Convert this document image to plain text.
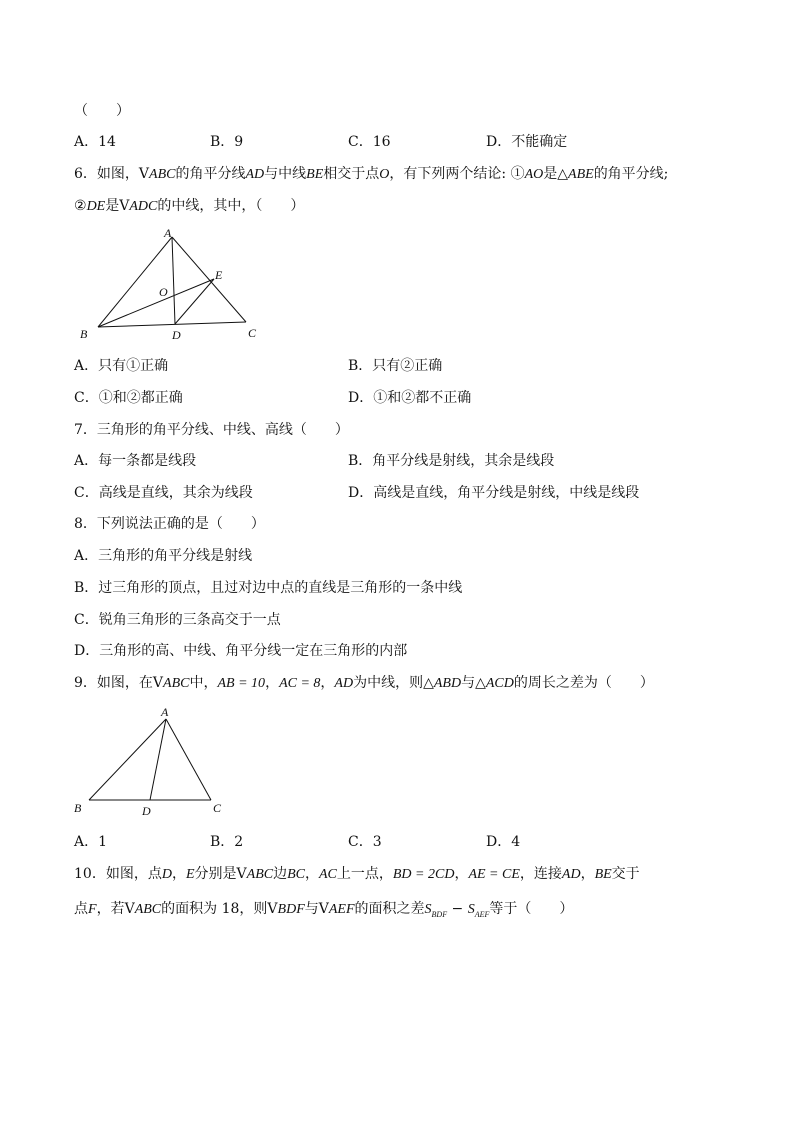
（　　）
A．14	B．9	C．16	D．不能确定
6．如图，VABC的角平分线AD与中线BE相交于点O，有下列两个结论: ①AO是△ABE的角平分线;
②DE是VADC的中线，其中，（　　）
A
E
O
B	D	C
A．只有①正确	B．只有②正确
C．①和②都正确	D．①和②都不正确
7．三角形的角平分线、中线、高线（　　）
A．每一条都是线段	B．角平分线是射线，其余是线段
C．高线是直线，其余为线段	D．高线是直线，角平分线是射线，中线是线段
8．下列说法正确的是（　　）
A．三角形的角平分线是射线
B．过三角形的顶点，且过对边中点的直线是三角形的一条中线
C．锐角三角形的三条高交于一点
D．三角形的高、中线、角平分线一定在三角形的内部
9．如图，在VABC中，AB = 10，AC = 8，AD为中线，则△ABD与△ACD的周长之差为（　　）
A
B	D	C
A．1	B．2	C．3	D．4
10．如图，点D，E分别是VABC边BC，AC上一点，BD = 2CD，AE = CE，连接AD，BE交于
点F，若VABC的面积为 18，则VBDF与VAEF的面积之差$S_{BDF} - S_{AEF}$等于（　　）
